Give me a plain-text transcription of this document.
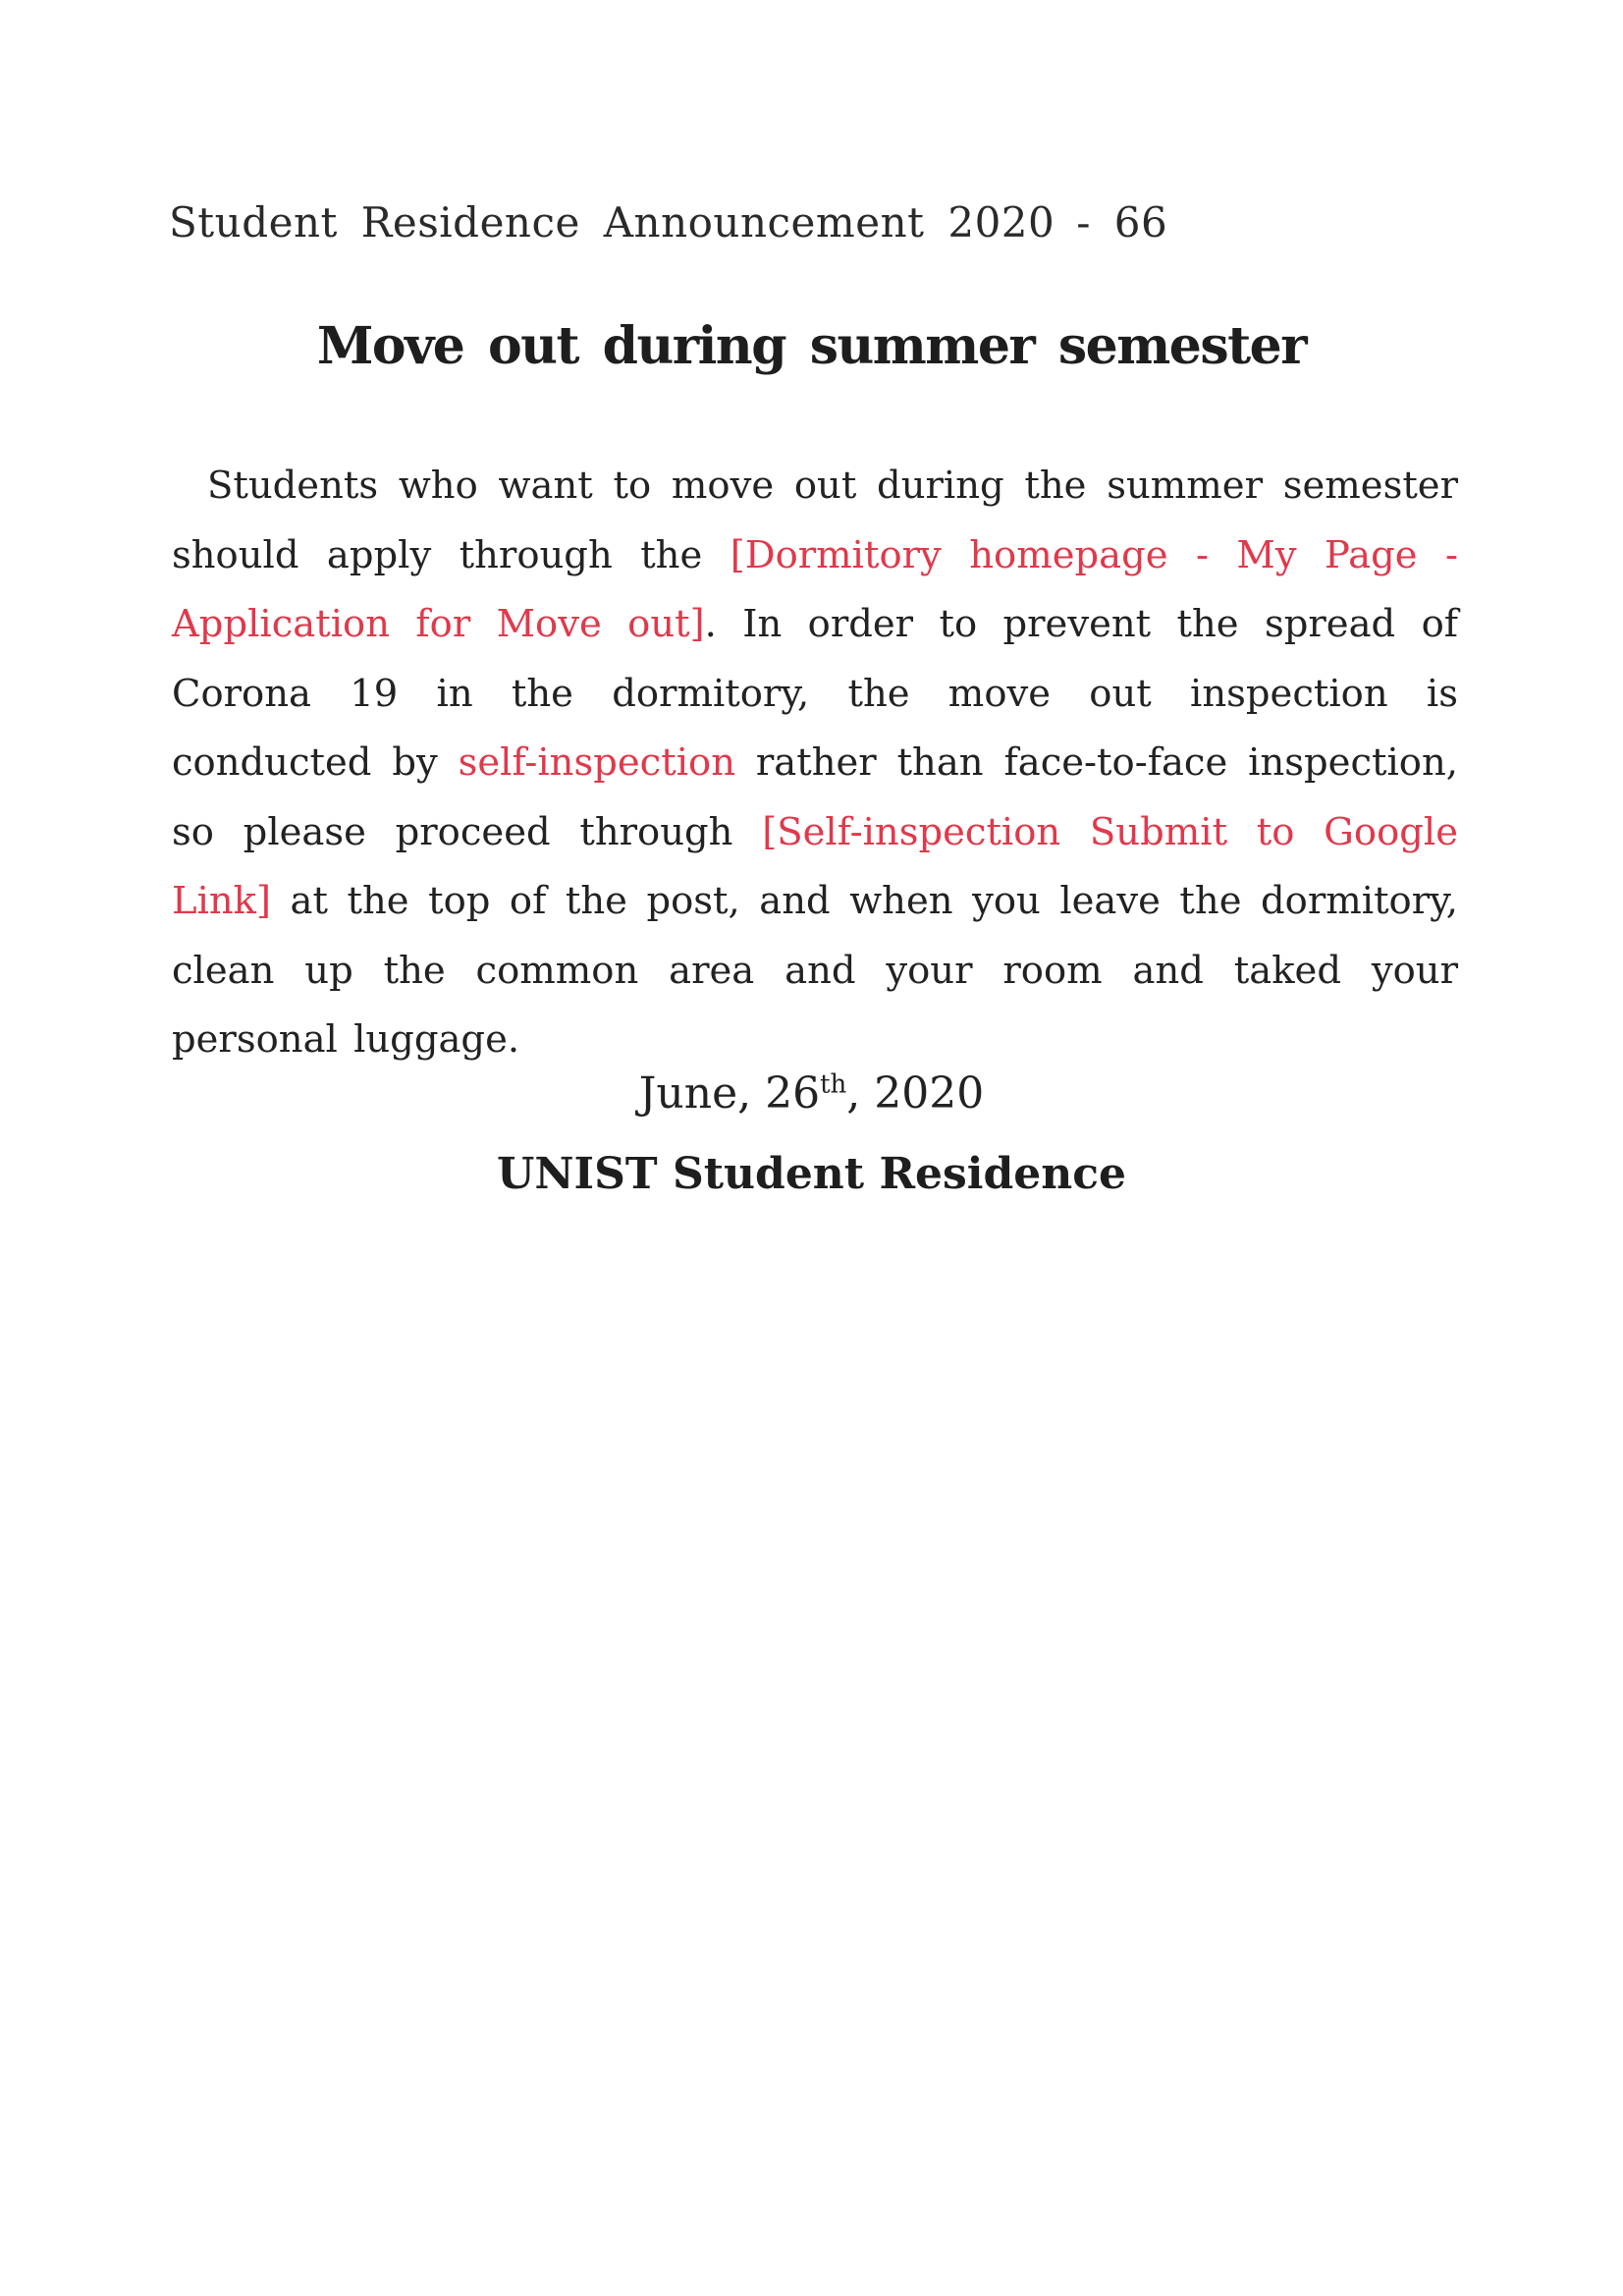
Student Residence Announcement 2020 - 66
Move out during summer semester

Students who want to move out during the summer semester should apply through the [Dormitory homepage - My Page - Application for Move out]. In order to prevent the spread of Corona 19 in the dormitory, the move out inspection is conducted by self-inspection rather than face-to-face inspection, so please proceed through [Self-inspection Submit to Google Link] at the top of the post, and when you leave the dormitory, clean up the common area and your room and taked your personal luggage.

June, 26th, 2020
UNIST Student Residence
